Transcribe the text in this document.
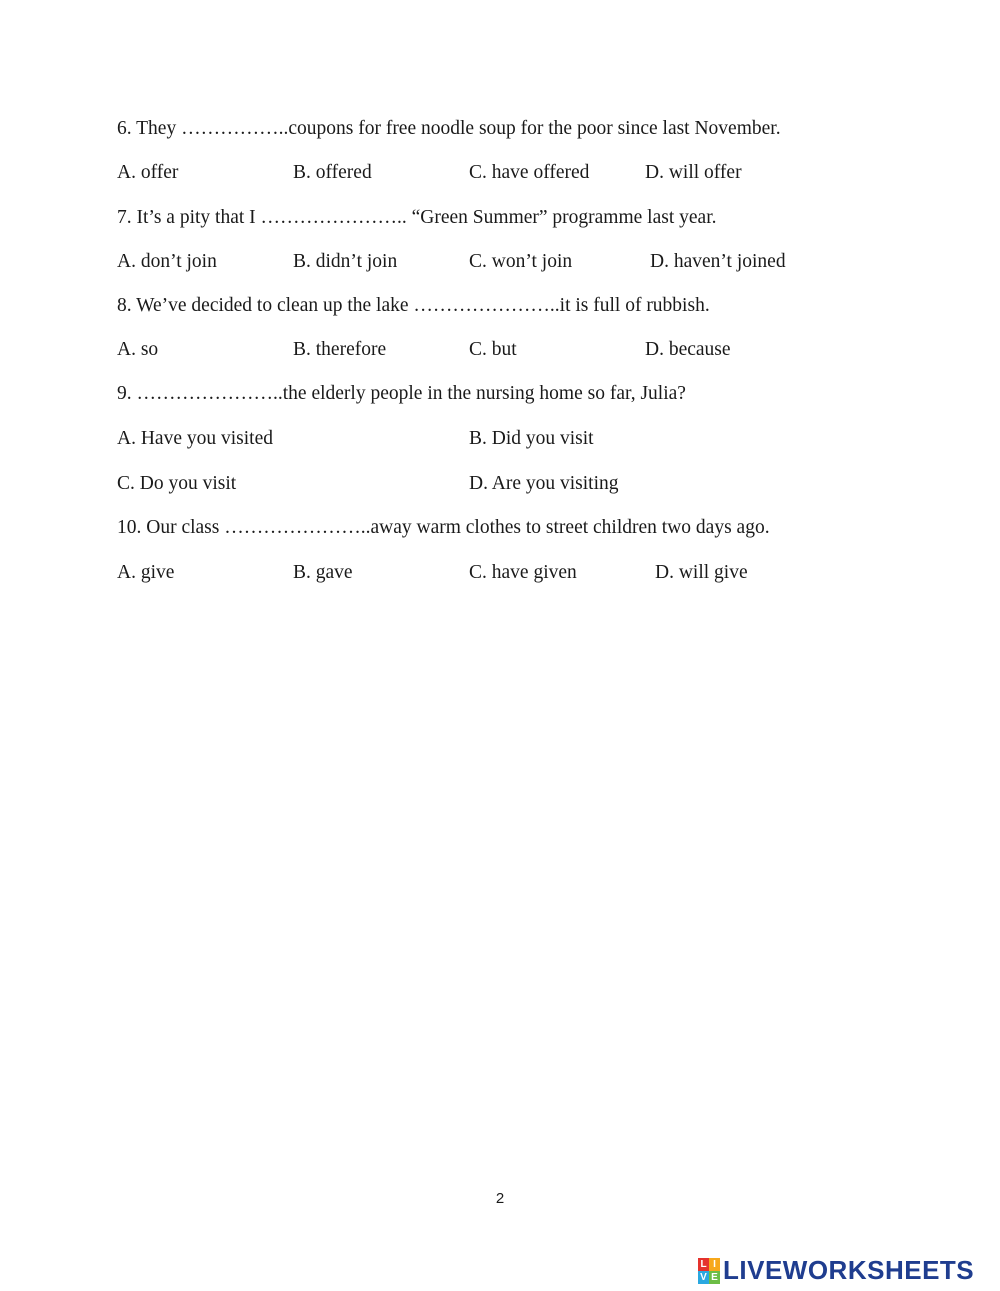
6. They ……………..coupons for free noodle soup for the poor since last November.
A. offer	B. offered	C. have offered	D. will offer
7. It’s a pity that I ………………….. “Green Summer” programme last year.
A. don’t join	B. didn’t join	C. won’t join	D. haven’t joined
8. We’ve decided to clean up the lake …………………..it is full of rubbish.
A. so	B. therefore	C. but	D. because
9. …………………..the elderly people in the nursing home so far, Julia?
A. Have you visited	B. Did you visit
C. Do you visit	D. Are you visiting
10. Our class …………………..away warm clothes to street children two days ago.
A. give	B. gave	C. have given	D. will give
2
L I
V E LIVEWORKSHEETS
